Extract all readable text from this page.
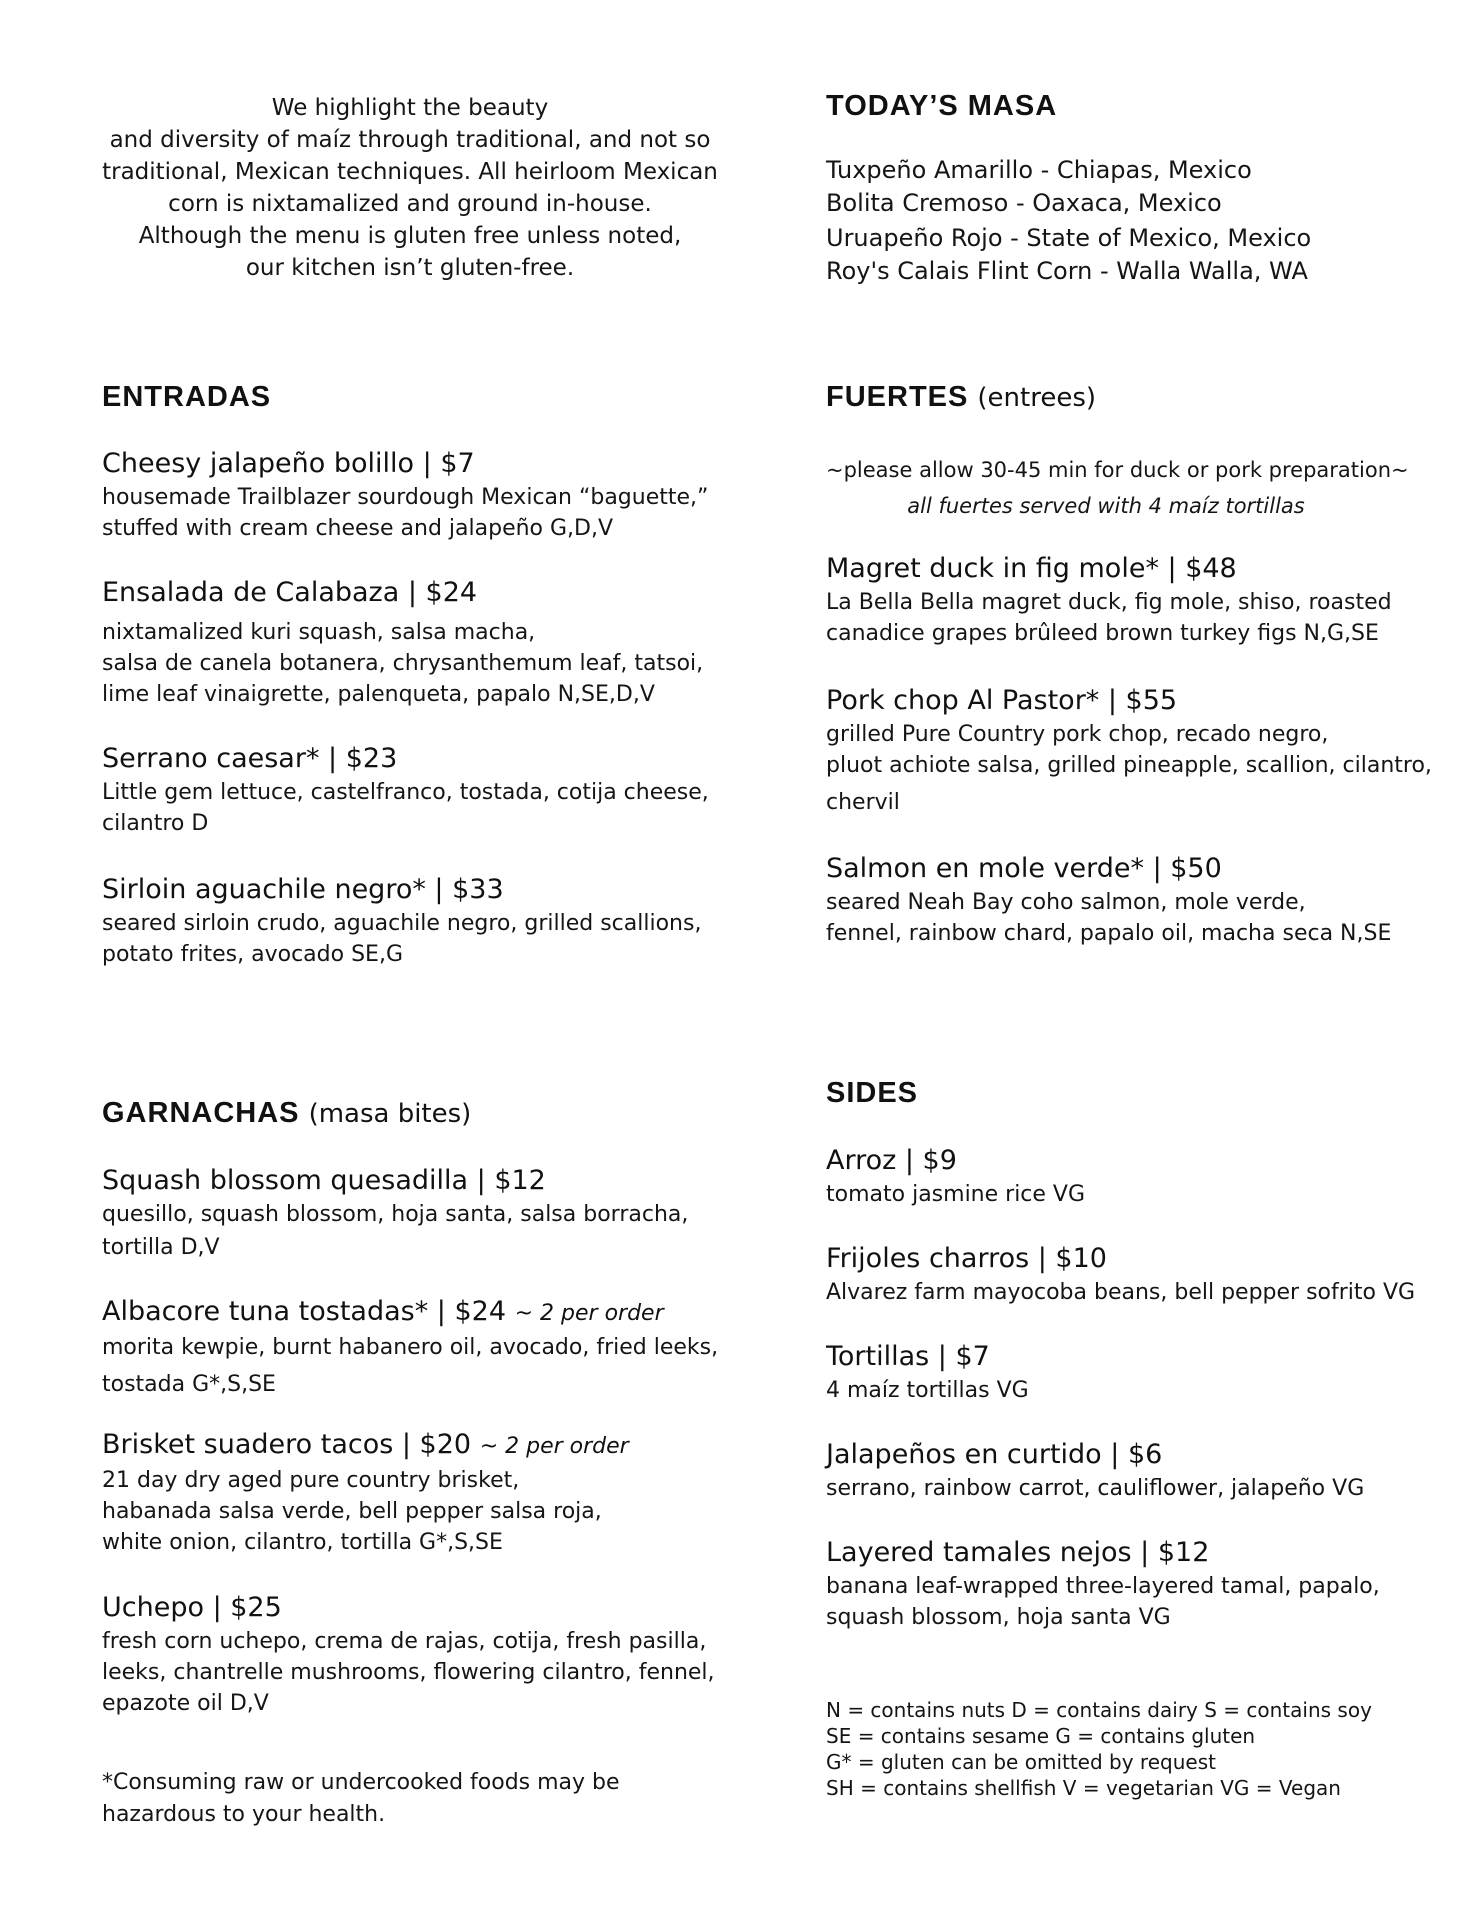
We highlight the beauty
and diversity of maíz through traditional, and not so
traditional, Mexican techniques. All heirloom Mexican
corn is nixtamalized and ground in-house.
Although the menu is gluten free unless noted,
our kitchen isn’t gluten-free.
TODAY’S MASA
Tuxpeño Amarillo - Chiapas, Mexico
Bolita Cremoso - Oaxaca, Mexico
Uruapeño Rojo - State of Mexico, Mexico
Roy's Calais Flint Corn - Walla Walla, WA
ENTRADAS
Cheesy jalapeño bolillo | $7
housemade Trailblazer sourdough Mexican “baguette,”
stuffed with cream cheese and jalapeño G,D,V
Ensalada de Calabaza | $24
nixtamalized kuri squash, salsa macha,
salsa de canela botanera, chrysanthemum leaf, tatsoi,
lime leaf vinaigrette, palenqueta, papalo N,SE,D,V
Serrano caesar* | $23
Little gem lettuce, castelfranco, tostada, cotija cheese,
cilantro D
Sirloin aguachile negro* | $33
seared sirloin crudo, aguachile negro, grilled scallions,
potato frites, avocado SE,G
FUERTES (entrees)
~please allow 30-45 min for duck or pork preparation~
all fuertes served with 4 maíz tortillas
Magret duck in fig mole* | $48
La Bella Bella magret duck, fig mole, shiso, roasted
canadice grapes brûleed brown turkey figs N,G,SE
Pork chop Al Pastor* | $55
grilled Pure Country pork chop, recado negro,
pluot achiote salsa, grilled pineapple, scallion, cilantro,
chervil
Salmon en mole verde* | $50
seared Neah Bay coho salmon, mole verde,
fennel, rainbow chard, papalo oil, macha seca N,SE
GARNACHAS (masa bites)
Squash blossom quesadilla | $12
quesillo, squash blossom, hoja santa, salsa borracha,
tortilla D,V
Albacore tuna tostadas* | $24 ~ 2 per order
morita kewpie, burnt habanero oil, avocado, fried leeks,
tostada G*,S,SE
Brisket suadero tacos | $20 ~ 2 per order
21 day dry aged pure country brisket,
habanada salsa verde, bell pepper salsa roja,
white onion, cilantro, tortilla G*,S,SE
Uchepo | $25
fresh corn uchepo, crema de rajas, cotija, fresh pasilla,
leeks, chantrelle mushrooms, flowering cilantro, fennel,
epazote oil D,V
*Consuming raw or undercooked foods may be
hazardous to your health.
SIDES
Arroz | $9
tomato jasmine rice VG
Frijoles charros | $10
Alvarez farm mayocoba beans, bell pepper sofrito VG
Tortillas | $7
4 maíz tortillas VG
Jalapeños en curtido | $6
serrano, rainbow carrot, cauliflower, jalapeño VG
Layered tamales nejos | $12
banana leaf-wrapped three-layered tamal, papalo,
squash blossom, hoja santa VG
N = contains nuts D = contains dairy S = contains soy
SE = contains sesame G = contains gluten
G* = gluten can be omitted by request
SH = contains shellfish V = vegetarian VG = Vegan
